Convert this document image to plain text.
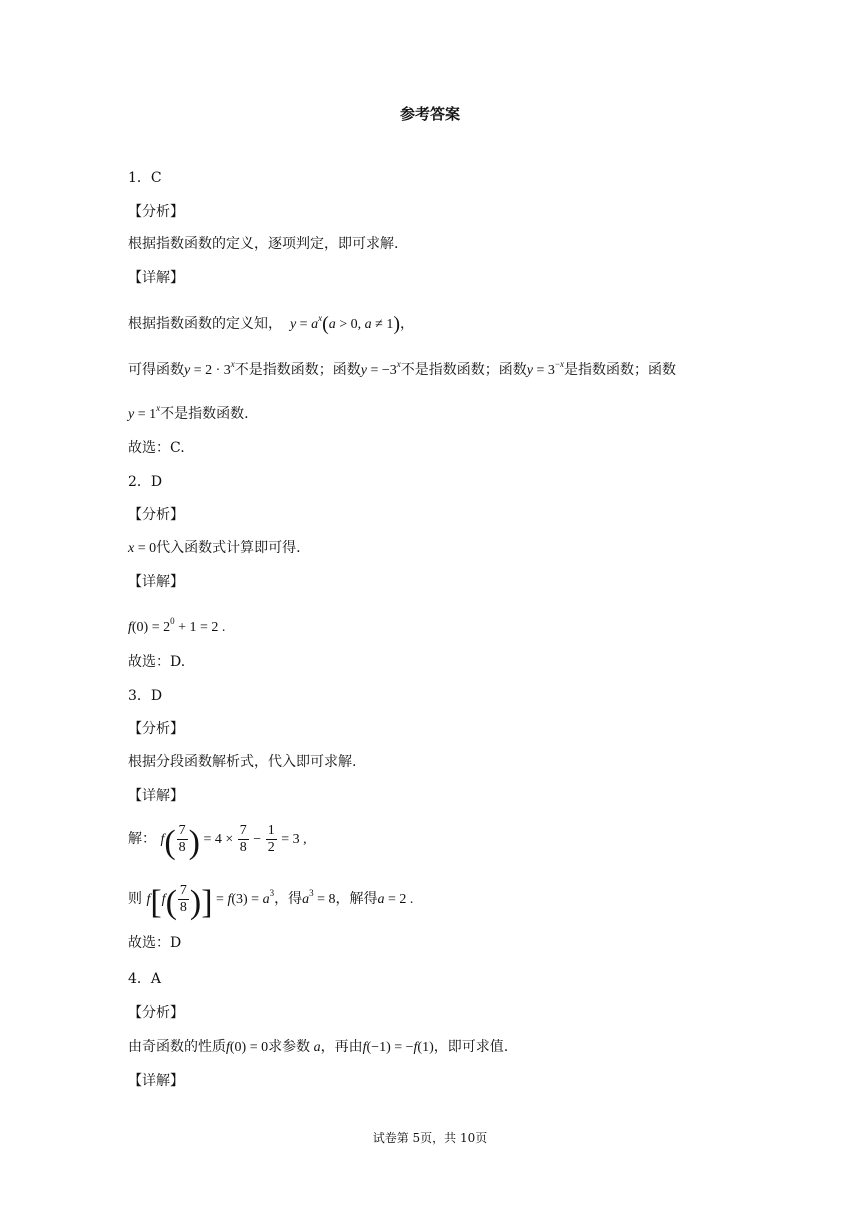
参考答案
1．C
【分析】
根据指数函数的定义，逐项判定，即可求解.
【详解】
根据指数函数的定义知， $y = a^x(a > 0$, a ≠ 1)，
可得函数$y = 2 \cdot 3^x$不是指数函数；函数$y = -3^x$不是指数函数；函数$y = 3^{-x}$是指数函数；函数
$y = 1^x$不是指数函数.
故选：C.
2．D
【分析】
x = 0代入函数式计算即可得.
【详解】
$f(0) = 2^0 + 1 = 2$ .
故选：D.
3．D
【分析】
根据分段函数解析式，代入即可求解.
【详解】
解： $f( \frac{7}{8}$ ) = $4 \times \frac{7}{8} - \frac{1}{2} = 3$ ,
则 $f[f( \frac{7}{8}$ )] = $f(3) = a^3$，得$a^3 = 8$，解得a = 2 .
故选：D
4．A
【分析】
由奇函数的性质f(0) = 0求参数 a，再由f(−1) = −f(1)，即可求值.
【详解】
试卷第 5页，共 10页
